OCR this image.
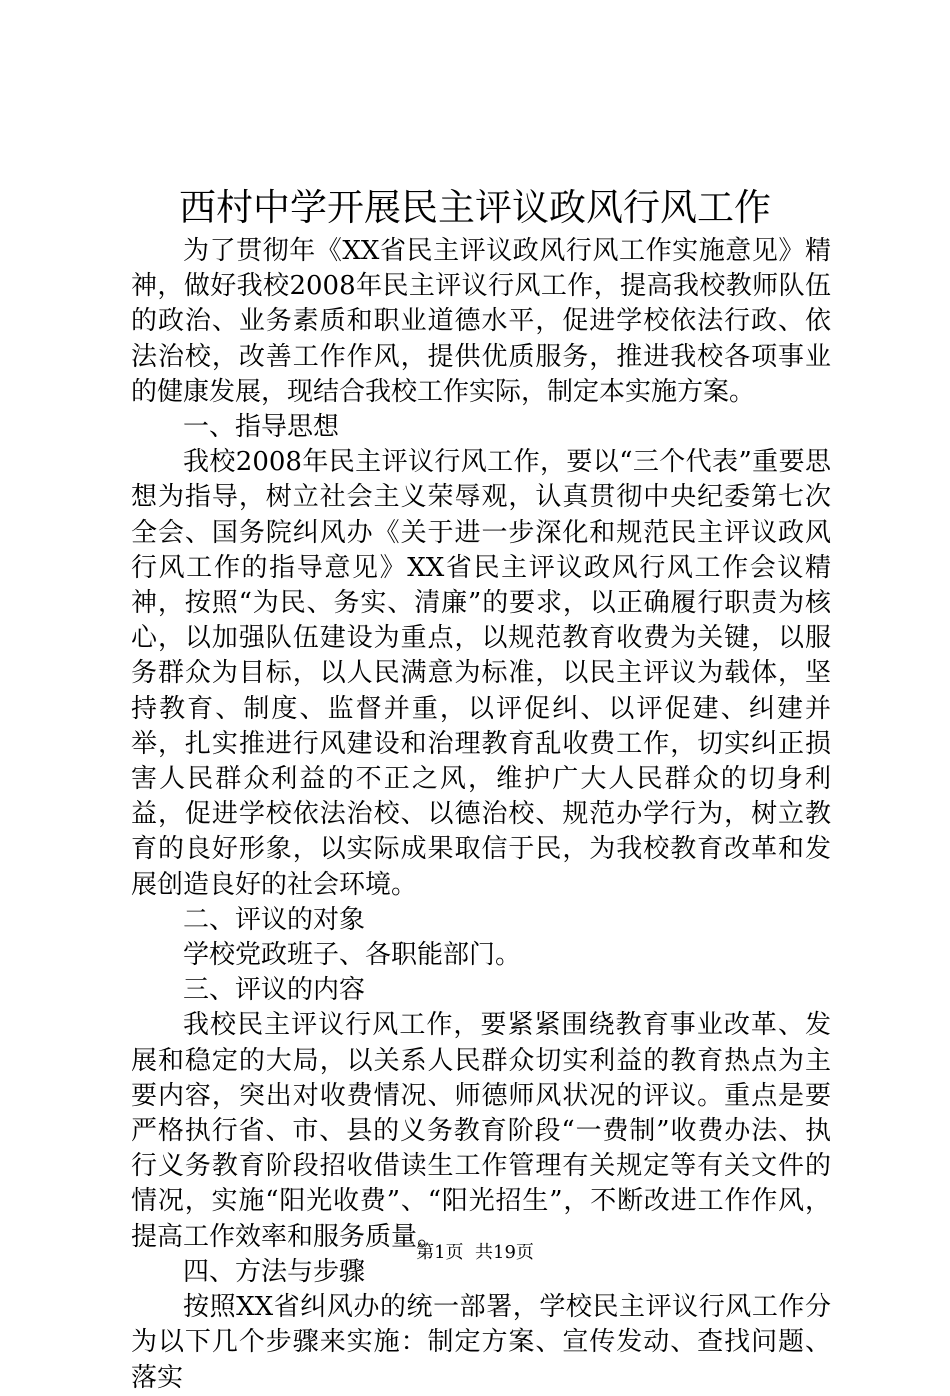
西村中学开展民主评议政风行风工作

为了贯彻年《XX省民主评议政风行风工作实施意见》精神，做好我校2008年民主评议行风工作，提高我校教师队伍的政治、业务素质和职业道德水平，促进学校依法行政、依法治校，改善工作作风，提供优质服务，推进我校各项事业的健康发展，现结合我校工作实际，制定本实施方案。

一、指导思想

我校2008年民主评议行风工作，要以“三个代表”重要思想为指导，树立社会主义荣辱观，认真贯彻中央纪委第七次全会、国务院纠风办《关于进一步深化和规范民主评议政风行风工作的指导意见》XX省民主评议政风行风工作会议精神，按照“为民、务实、清廉”的要求，以正确履行职责为核心，以加强队伍建设为重点，以规范教育收费为关键，以服务群众为目标，以人民满意为标准，以民主评议为载体，坚持教育、制度、监督并重，以评促纠、以评促建、纠建并举，扎实推进行风建设和治理教育乱收费工作，切实纠正损害人民群众利益的不正之风，维护广大人民群众的切身利益，促进学校依法治校、以德治校、规范办学行为，树立教育的良好形象，以实际成果取信于民，为我校教育改革和发展创造良好的社会环境。

二、评议的对象

学校党政班子、各职能部门。

三、评议的内容

我校民主评议行风工作，要紧紧围绕教育事业改革、发展和稳定的大局，以关系人民群众切实利益的教育热点为主要内容，突出对收费情况、师德师风状况的评议。重点是要严格执行省、市、县的义务教育阶段“一费制”收费办法、执行义务教育阶段招收借读生工作管理有关规定等有关文件的情况，实施“阳光收费”、“阳光招生”，不断改进工作作风，提高工作效率和服务质量。

四、方法与步骤

按照XX省纠风办的统一部署，学校民主评议行风工作分为以下几个步骤来实施：制定方案、宣传发动、查找问题、落实

第1页 共19页
